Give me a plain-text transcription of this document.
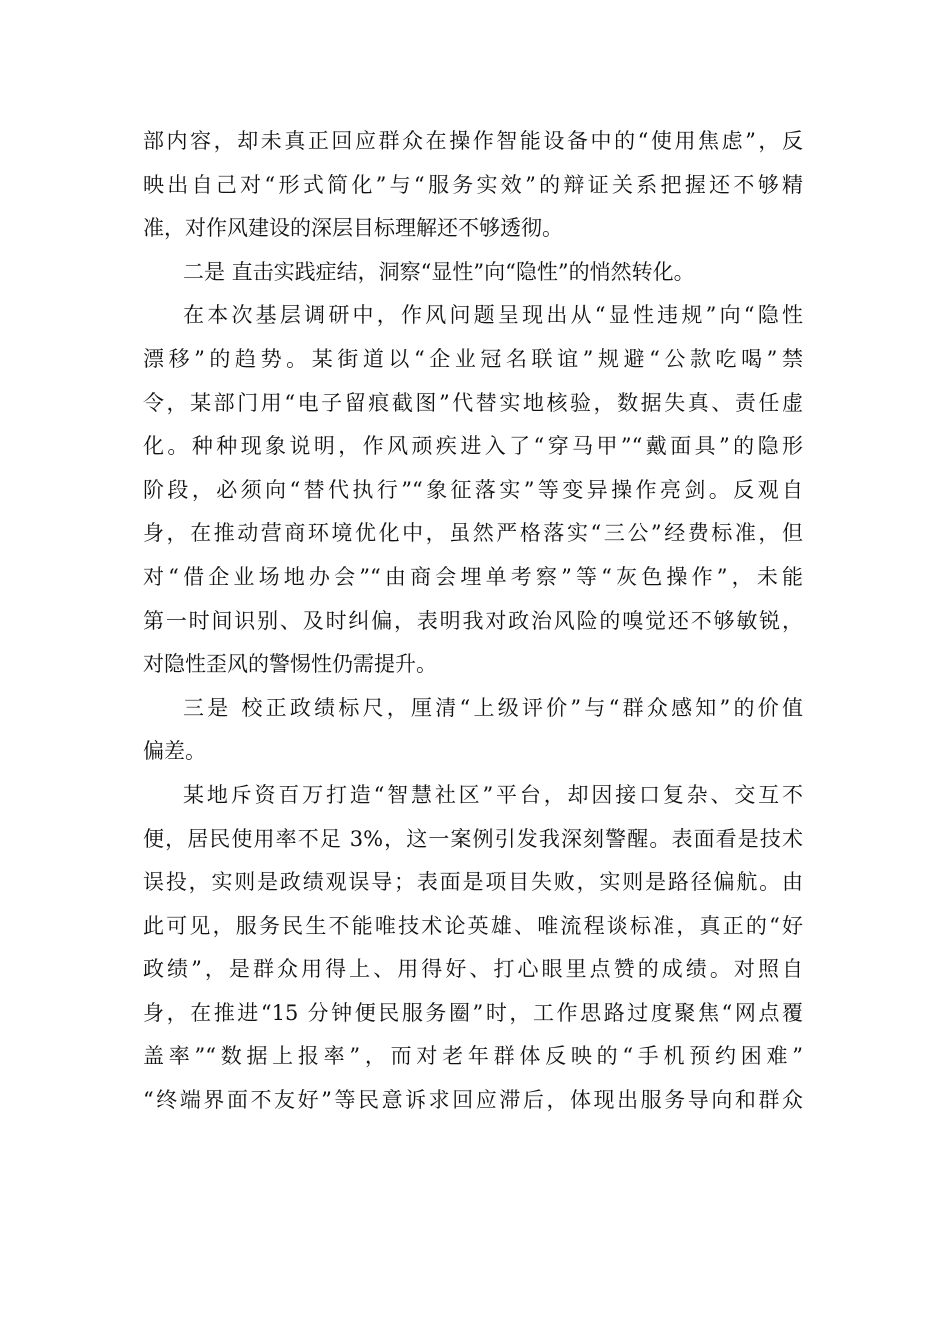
部内容，却未真正回应群众在操作智能设备中的“使用焦虑”，反
映出自己对“形式简化”与“服务实效”的辩证关系把握还不够精
准，对作风建设的深层目标理解还不够透彻。
二是 直击实践症结，洞察“显性”向“隐性”的悄然转化。
在本次基层调研中，作风问题呈现出从“显性违规”向“隐性
漂移”的趋势。某街道以“企业冠名联谊”规避“公款吃喝”禁
令，某部门用“电子留痕截图”代替实地核验，数据失真、责任虚
化。种种现象说明，作风顽疾进入了“穿马甲”“戴面具”的隐形
阶段，必须向“替代执行”“象征落实”等变异操作亮剑。反观自
身，在推动营商环境优化中，虽然严格落实“三公”经费标准，但
对“借企业场地办会”“由商会埋单考察”等“灰色操作”，未能
第一时间识别、及时纠偏，表明我对政治风险的嗅觉还不够敏锐，
对隐性歪风的警惕性仍需提升。
三是 校正政绩标尺，厘清“上级评价”与“群众感知”的价值
偏差。
某地斥资百万打造“智慧社区”平台，却因接口复杂、交互不
便，居民使用率不足 3%，这一案例引发我深刻警醒。表面看是技术
误投，实则是政绩观误导；表面是项目失败，实则是路径偏航。由
此可见，服务民生不能唯技术论英雄、唯流程谈标准，真正的“好
政绩”，是群众用得上、用得好、打心眼里点赞的成绩。对照自
身，在推进“15 分钟便民服务圈”时，工作思路过度聚焦“网点覆
盖率”“数据上报率”，而对老年群体反映的“手机预约困难”
“终端界面不友好”等民意诉求回应滞后，体现出服务导向和群众
